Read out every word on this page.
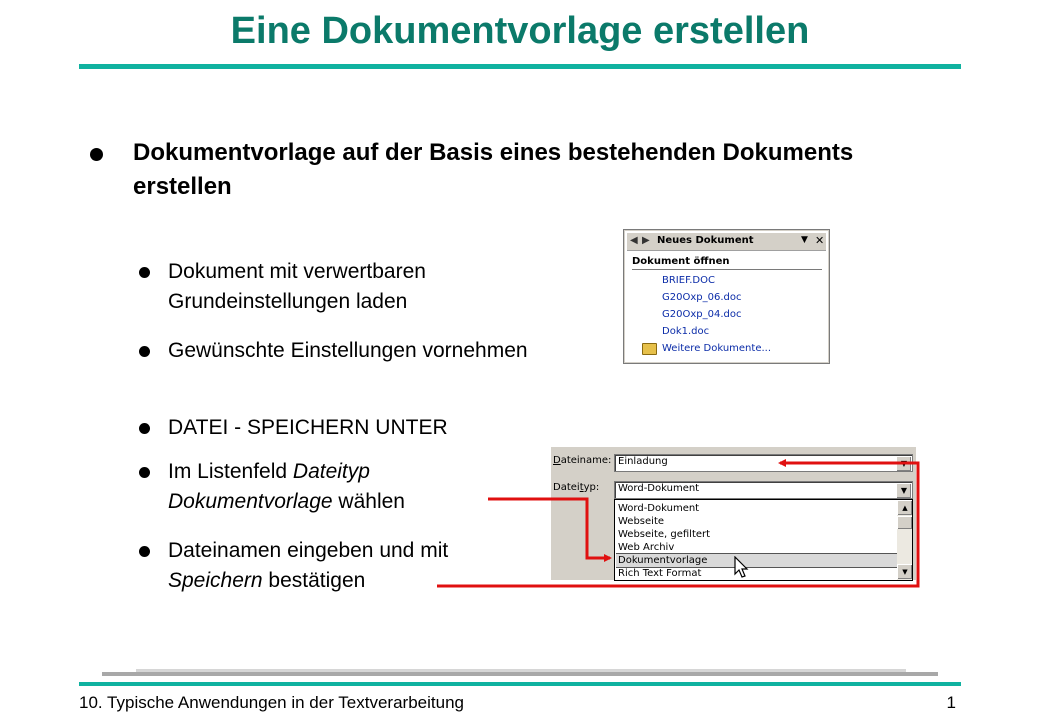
Eine Dokumentvorlage erstellen
Dokumentvorlage auf der Basis eines bestehenden Dokuments erstellen
Dokument mit verwertbaren Grundeinstellungen laden
Gewünschte Einstellungen vornehmen
DATEI - SPEICHERN UNTER
Im Listenfeld Dateityp
Dokumentvorlage wählen
Dateinamen eingeben und mit
Speichern bestätigen
◀ ▶ Neues Dokument	▼ ✕
Dokument öffnen
BRIEF.DOC
G20Oxp_06.doc
G20Oxp_04.doc
Dok1.doc
Weitere Dokumente...
Dateiname: Einladung	▼
Dateityp: Word-Dokument	▼
Word-Dokument
Webseite
Webseite, gefiltert
Web Archiv
Dokumentvorlage
Rich Text Format
▲
▼
10. Typische Anwendungen in der Textverarbeitung	1
